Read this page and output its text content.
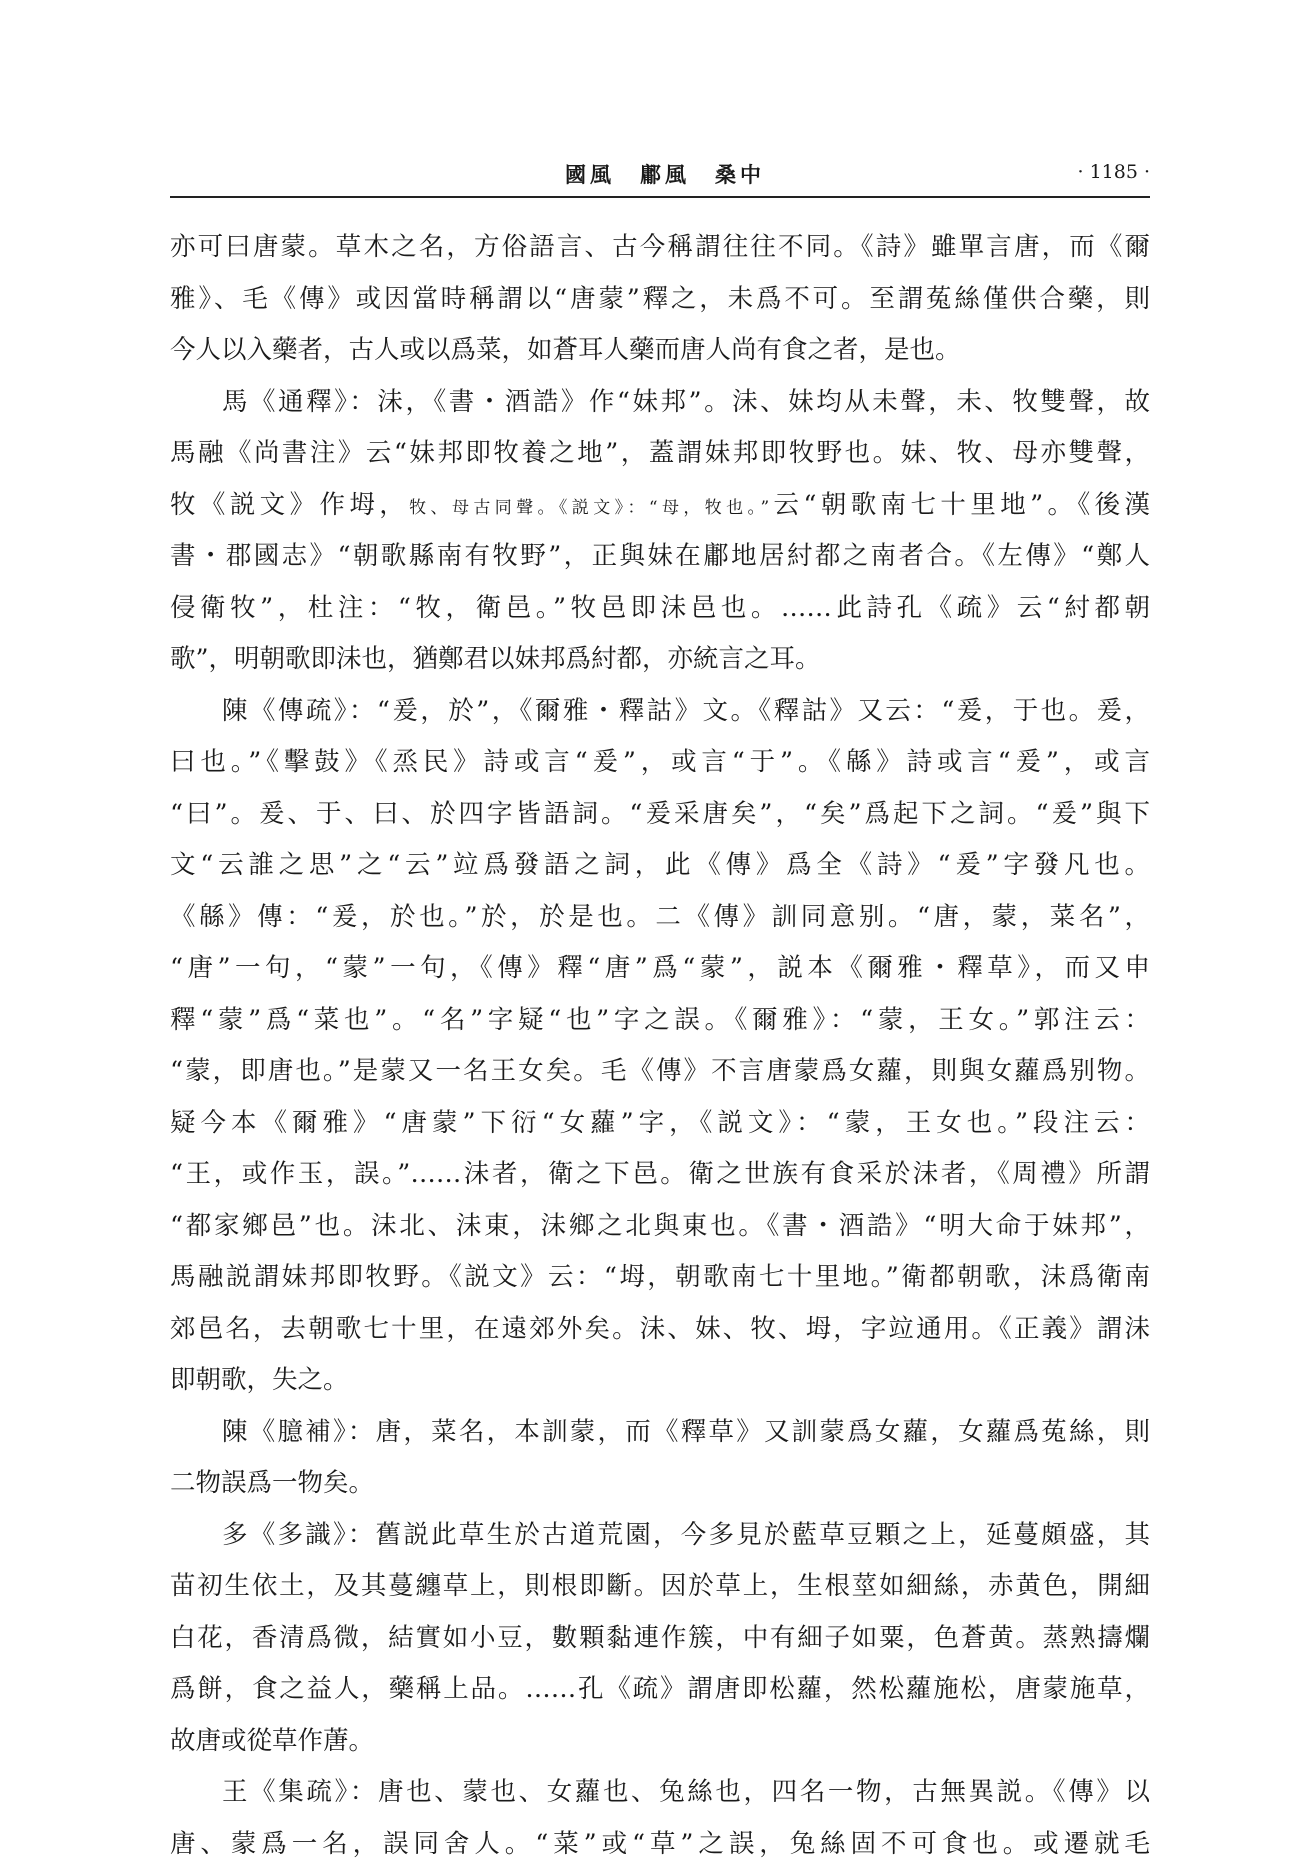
國風　鄘風　桑中	· 1185 ·
亦可曰唐蒙。草木之名，方俗語言、古今稱謂往往不同。《詩》雖單言唐，而《爾
雅》、毛《傳》或因當時稱謂以“唐蒙”釋之，未爲不可。至謂菟絲僅供合藥，則
今人以入藥者，古人或以爲菜，如蒼耳人藥而唐人尚有食之者，是也。
馬《通釋》：沬，《書・酒誥》作“妹邦”。沬、妹均从未聲，未、牧雙聲，故
馬融《尚書注》云“妹邦即牧養之地”，蓋謂妹邦即牧野也。妹、牧、母亦雙聲，
牧《説文》作坶，牧、母古同聲。《説文》：“母，牧也。”云“朝歌南七十里地”。《後漢
書・郡國志》“朝歌縣南有牧野”，正與妹在鄘地居紂都之南者合。《左傳》“鄭人
侵衛牧”，杜注：“牧，衛邑。”牧邑即沬邑也。……此詩孔《疏》云“紂都朝
歌”，明朝歌即沬也，猶鄭君以妹邦爲紂都，亦統言之耳。
陳《傳疏》：“爰，於”，《爾雅・釋詁》文。《釋詁》又云：“爰，于也。爰，
曰也。”《擊鼓》《烝民》詩或言“爰”，或言“于”。《緜》詩或言“爰”，或言
“曰”。爰、于、曰、於四字皆語詞。“爰采唐矣”，“矣”爲起下之詞。“爰”與下
文“云誰之思”之“云”竝爲發語之詞，此《傳》爲全《詩》“爰”字發凡也。
《緜》傳：“爰，於也。”於，於是也。二《傳》訓同意别。“唐，蒙，菜名”，
“唐”一句，“蒙”一句，《傳》釋“唐”爲“蒙”，説本《爾雅・釋草》，而又申
釋“蒙”爲“菜也”。“名”字疑“也”字之誤。《爾雅》：“蒙，王女。”郭注云：
“蒙，即唐也。”是蒙又一名王女矣。毛《傳》不言唐蒙爲女蘿，則與女蘿爲别物。
疑今本《爾雅》“唐蒙”下衍“女蘿”字，《説文》：“蒙，王女也。”段注云：
“王，或作玉，誤。”……沬者，衛之下邑。衛之世族有食采於沬者，《周禮》所謂
“都家鄉邑”也。沬北、沬東，沬鄉之北與東也。《書・酒誥》“明大命于妹邦”，
馬融説謂妹邦即牧野。《説文》云：“坶，朝歌南七十里地。”衛都朝歌，沬爲衛南
郊邑名，去朝歌七十里，在遠郊外矣。沬、妹、牧、坶，字竝通用。《正義》謂沬
即朝歌，失之。
陳《臆補》：唐，菜名，本訓蒙，而《釋草》又訓蒙爲女蘿，女蘿爲菟絲，則
二物誤爲一物矣。
多《多識》：舊説此草生於古道荒園，今多見於藍草豆顆之上，延蔓頗盛，其
苗初生依土，及其蔓纏草上，則根即斷。因於草上，生根莖如細絲，赤黄色，開細
白花，香清爲微，結實如小豆，數顆黏連作簇，中有細子如粟，色蒼黄。蒸熟擣爛
爲餅，食之益人，藥稱上品。……孔《疏》謂唐即松蘿，然松蘿施松，唐蒙施草，
故唐或從草作蓎。
王《集疏》：唐也、蒙也、女蘿也、兔絲也，四名一物，古無異説。《傳》以
唐、蒙爲一名，誤同舍人。“菜”或“草”之誤，兔絲固不可食也。或遷就毛
